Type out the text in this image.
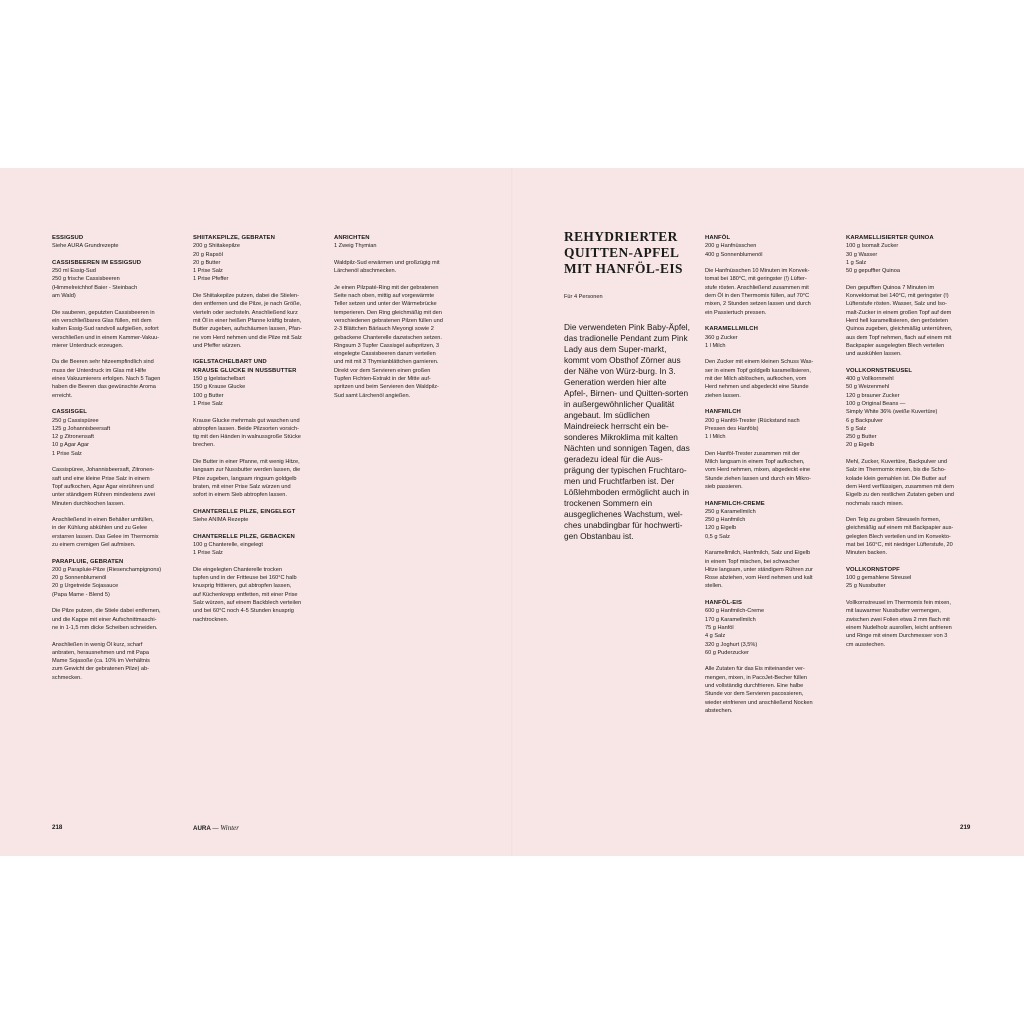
ESSIGSUD

Siehe AURA Grundrezepte

CASSISBEEREN IM ESSIGSUD

250 ml Essig-Sud
250 g frische Cassisbeeren
(Himmelreichhof Baier - Steinbach
am Wald)

Die sauberen, geputzten Cassisbeeren in
ein verschließbares Glas füllen, mit dem
kalten Essig-Sud randvoll aufgießen, sofort
verschließen und in einem Kammer-Vakuu-
mierer Unterdruck erzeugen.

Da die Beeren sehr hitzeempfindlich sind
muss der Unterdruck im Glas mit Hilfe
eines Vakuumierers erfolgen. Nach 5 Tagen
haben die Beeren das gewünschte Aroma
erreicht.

CASSISGEL

250 g Cassispüree
125 g Johannisbeersaft
12 g Zitronensaft
10 g Agar Agar
1 Prise Salz

Cassispüree, Johannisbeersaft, Zitronen-
saft und eine kleine Prise Salz in einem
Topf aufkochen, Agar Agar einrühren und
unter ständigem Rühren mindestens zwei
Minuten durchkochen lassen.

Anschließend in einen Behälter umfüllen,
in der Kühlung abkühlen und zu Gelee
erstarren lassen. Das Gelee im Thermomix
zu einem cremigen Gel aufmixen.

PARAPLUIE, GEBRATEN

200 g Parapluie-Pilze (Riesenchampignons)
20 g Sonnenblumenöl
20 g Urgetreide Sojasauce
(Papa Mame - Blend 5)

Die Pilze putzen, die Stiele dabei entfernen,
und die Kappe mit einer Aufschnittmaschi-
ne in 1-1,5 mm dicke Scheiben schneiden.

Anschließen in wenig Öl kurz, scharf
anbraten, herausnehmen und mit Papa
Mame Sojasoße (ca. 10% im Verhältnis
zum Gewicht der gebratenen Pilze) ab-
schmecken.

SHIITAKEPILZE, GEBRATEN

200 g Shiitakepilze
20 g Rapsöl
20 g Butter
1 Prise Salz
1 Prise Pfeffer

Die Shiitakepilze putzen, dabei die Stielen-
den entfernen und die Pilze, je nach Größe,
vierteln oder sechsteln. Anschließend kurz
mit Öl in einer heißen Pfanne kräftig braten,
Butter zugeben, aufschäumen lassen, Pfan-
ne vom Herd nehmen und die Pilze mit Salz
und Pfeffer würzen.

IGELSTACHELBART UND
KRAUSE GLUCKE IN NUSSBUTTER

150 g Igelstachelbart
150 g Krause Glucke
100 g Butter
1 Prise Salz

Krause Glucke mehrmals gut waschen und
abtropfen lassen. Beide Pilzsorten vorsich-
tig mit den Händen in walnussgroße Stücke
brechen.

Die Butter in einer Pfanne, mit wenig Hitze,
langsam zur Nussbutter werden lassen, die
Pilze zugeben, langsam ringsum goldgelb
braten, mit einer Prise Salz würzen und
sofort in einem Sieb abtropfen lassen.

CHANTERELLE PILZE, EINGELEGT

Siehe ANIMA Rezepte

CHANTERELLE PILZE, GEBACKEN

100 g Chanterelle, eingelegt
1 Prise Salz

Die eingelegten Chanterelle trocken
tupfen und in der Fritteuse bei 160°C halb
knusprig frittieren, gut abtropfen lassen,
auf Küchenkrepp entfetten, mit einer Prise
Salz würzen, auf einem Backblech verteilen
und bei 60°C noch 4-5 Stunden knusprig
nachtrocknen.

ANRICHTEN

1 Zweig Thymian

Waldpilz-Sud erwärmen und großzügig mit
Lärchenöl abschmecken.

Je einen Pilzpaté-Ring mit der gebratenen
Seite nach oben, mittig auf vorgewärmte
Teller setzen und unter der Wärmebrücke
temperieren. Den Ring gleichmäßig mit den
verschiedenen gebratenen Pilzen füllen und
2-3 Blättchen Bärlauch Meyongi sowie 2
gebackene Chanterelle dazwischen setzen.
Ringsum 3 Tupfer Cassisgel aufspritzen, 3
eingelegte Cassisbeeren darum verteilen
und mit mit 3 Thymianblättchen garnieren.
Direkt vor dem Servieren einen großen
Tupfen Fichten-Extrakt in der Mitte auf-
spritzen und beim Servieren den Waldpilz-
Sud samt Lärchenöl angießen.

REHYDRIERTER QUITTEN-APFEL MIT HANFÖL-EIS
Für 4 Personen

Die verwendeten Pink Baby-Äpfel, das tradionelle Pendant zum Pink Lady aus dem Super-markt, kommt vom Obsthof Zörner aus der Nähe von Würz-burg. In 3. Generation werden hier alte Apfel-, Birnen- und Quitten-sorten in außergewöhnlicher Qualität angebaut. Im südlichen Maindreieck herrscht ein be-sonderes Mikroklima mit kalten Nächten und sonnigen Tagen, das geradezu ideal für die Aus-prägung der typischen Fruchtaro-men und Fruchtfarben ist. Der Lößlehmboden ermöglicht auch in trockenen Sommern ein ausgeglichenes Wachstum, wel-ches unabdingbar für hochwerti-gen Obstanbau ist.

HANFÖL

200 g Hanfnüsschen
400 g Sonnenblumenöl

Die Hanfnüsschen 10 Minuten im Konvek-
tomat bei 180°C, mit geringster (!) Lüfter-
stufe rösten. Anschließend zusammen mit
dem Öl in den Thermomix füllen, auf 70°C
mixen, 2 Stunden setzen lassen und durch
ein Passiertuch pressen.

KARAMELLMILCH

360 g Zucker
1 l Milch

Den Zucker mit einem kleinen Schuss Was-
ser in einem Topf goldgelb karamellisieren,
mit der Milch ablöschen, aufkochen, vom
Herd nehmen und abgedeckt eine Stunde
ziehen lassen.

HANFMILCH

200 g Hanföl-Trester (Rückstand nach
Pressen des Hanföls)
1 l Milch

Den Hanföl-Trester zusammen mit der
Milch langsam in einem Topf aufkochen,
vom Herd nehmen, mixen, abgedeckt eine
Stunde ziehen lassen und durch ein Mikro-
sieb passieren.

HANFMILCH-CREME

250 g Karamellmilch
250 g Hanfmilch
120 g Eigelb
0,5 g Salz

Karamellmilch, Hanfmilch, Salz und Eigelb
in einem Topf mischen, bei schwacher
Hitze langsam, unter ständigem Rühren zur
Rose abziehen, vom Herd nehmen und kalt
stellen.

HANFÖL-EIS

600 g Hanfmilch-Creme
170 g Karamellmilch
75 g Hanföl
4 g Salz
320 g Joghurt (3,5%)
60 g Puderzucker

Alle Zutaten für das Eis miteinander ver-
mengen, mixen, in PacoJet-Becher füllen
und vollständig durchfrieren. Eine halbe
Stunde vor dem Servieren pacossieren,
wieder einfrieren und anschließend Nocken
abstechen.

KARAMELLISIERTER QUINOA

100 g Isomalt Zucker
30 g Wasser
1 g Salz
50 g gepuffter Quinoa

Den gepufften Quinoa 7 Minuten im
Konvektomat bei 140°C, mit geringster (!)
Lüfterstufe rösten. Wasser, Salz und Iso-
malt-Zucker in einem großen Topf auf dem
Herd hell karamellisieren, den gerösteten
Quinoa zugeben, gleichmäßig unterrühren,
aus dem Topf nehmen, flach auf einem mit
Backpapier ausgelegten Blech verteilen
und auskühlen lassen.

VOLLKORNSTREUSEL

400 g Vollkornmehl
50 g Weizenmehl
120 g brauner Zucker
100 g Original Beans —
Simply White 36% (weiße Kuvertüre)
6 g Backpulver
5 g Salz
250 g Butter
20 g Eigelb

Mehl, Zucker, Kuvertüre, Backpulver und
Salz im Thermomix mixen, bis die Scho-
kolade klein gemahlen ist. Die Butter auf
dem Herd verflüssigen, zusammen mit dem
Eigelb zu den restlichen Zutaten geben und
nochmals rasch mixen.

Den Teig zu groben Streuseln formen,
gleichmäßig auf einem mit Backpapier aus-
gelegten Blech verteilen und im Konvekto-
mat bei 160°C, mit niedriger Lüfterstufe, 20
Minuten backen.

VOLLKORNSTOPF

100 g gemahlene Streusel
25 g Nussbutter

Vollkornstreusel im Thermomix fein mixen,
mit lauwarmer Nussbutter vermengen,
zwischen zwei Folien etwa 2 mm flach mit
einem Nudelholz ausrollen, leicht anfrieren
und Ringe mit einem Durchmesser von 3
cm ausstechen.

218	AURA — Winter	219
